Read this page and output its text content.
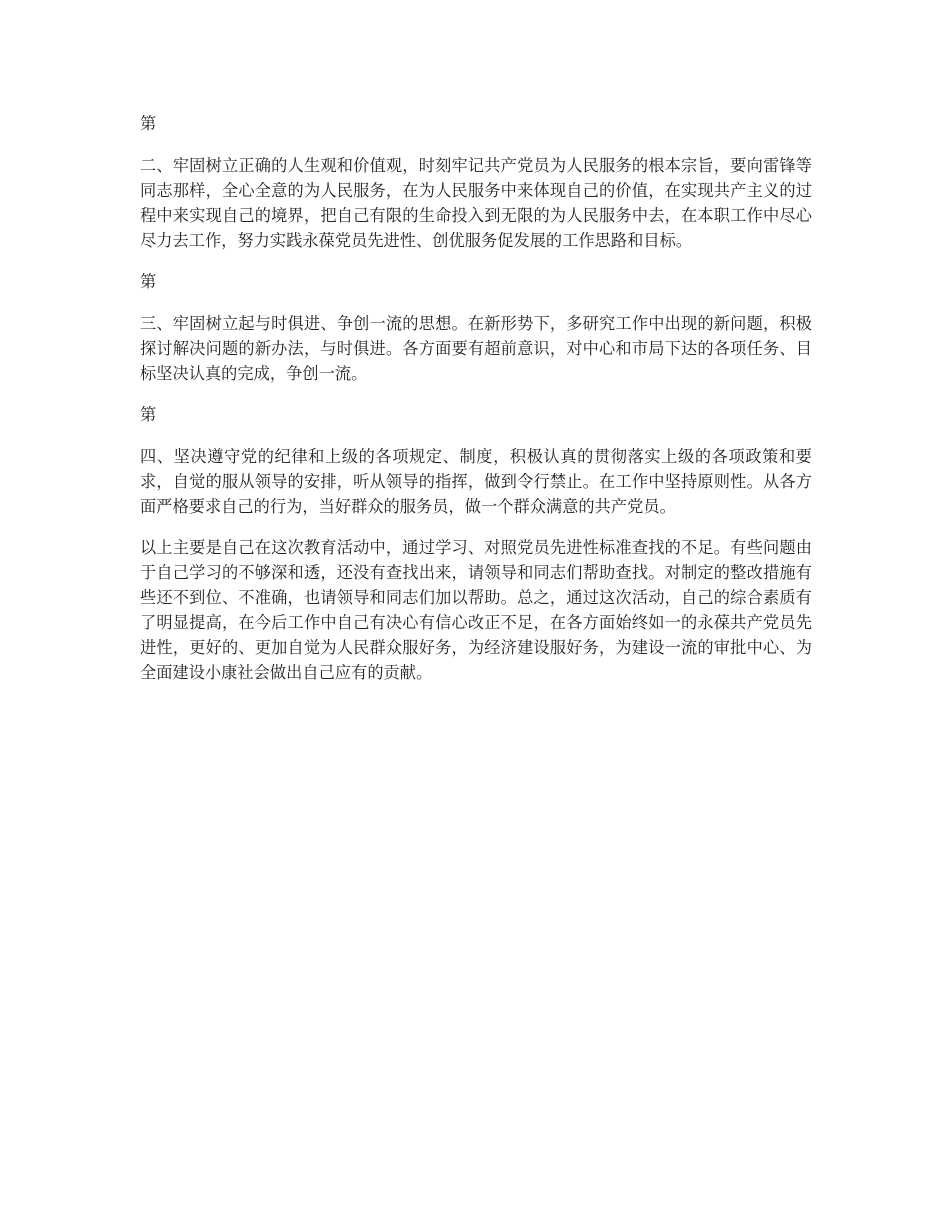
第

二、牢固树立正确的人生观和价值观，时刻牢记共产党员为人民服务的根本宗旨，要向雷锋等同志那样，全心全意的为人民服务，在为人民服务中来体现自己的价值，在实现共产主义的过程中来实现自己的境界，把自己有限的生命投入到无限的为人民服务中去，在本职工作中尽心尽力去工作，努力实践永葆党员先进性、创优服务促发展的工作思路和目标。

第

三、牢固树立起与时俱进、争创一流的思想。在新形势下，多研究工作中出现的新问题，积极探讨解决问题的新办法，与时俱进。各方面要有超前意识，对中心和市局下达的各项任务、目标坚决认真的完成，争创一流。

第

四、坚决遵守党的纪律和上级的各项规定、制度，积极认真的贯彻落实上级的各项政策和要求，自觉的服从领导的安排，听从领导的指挥，做到令行禁止。在工作中坚持原则性。从各方面严格要求自己的行为，当好群众的服务员，做一个群众满意的共产党员。

以上主要是自己在这次教育活动中，通过学习、对照党员先进性标准查找的不足。有些问题由于自己学习的不够深和透，还没有查找出来，请领导和同志们帮助查找。对制定的整改措施有些还不到位、不准确，也请领导和同志们加以帮助。总之，通过这次活动，自己的综合素质有了明显提高，在今后工作中自己有决心有信心改正不足，在各方面始终如一的永葆共产党员先进性，更好的、更加自觉为人民群众服好务，为经济建设服好务，为建设一流的审批中心、为全面建设小康社会做出自己应有的贡献。
